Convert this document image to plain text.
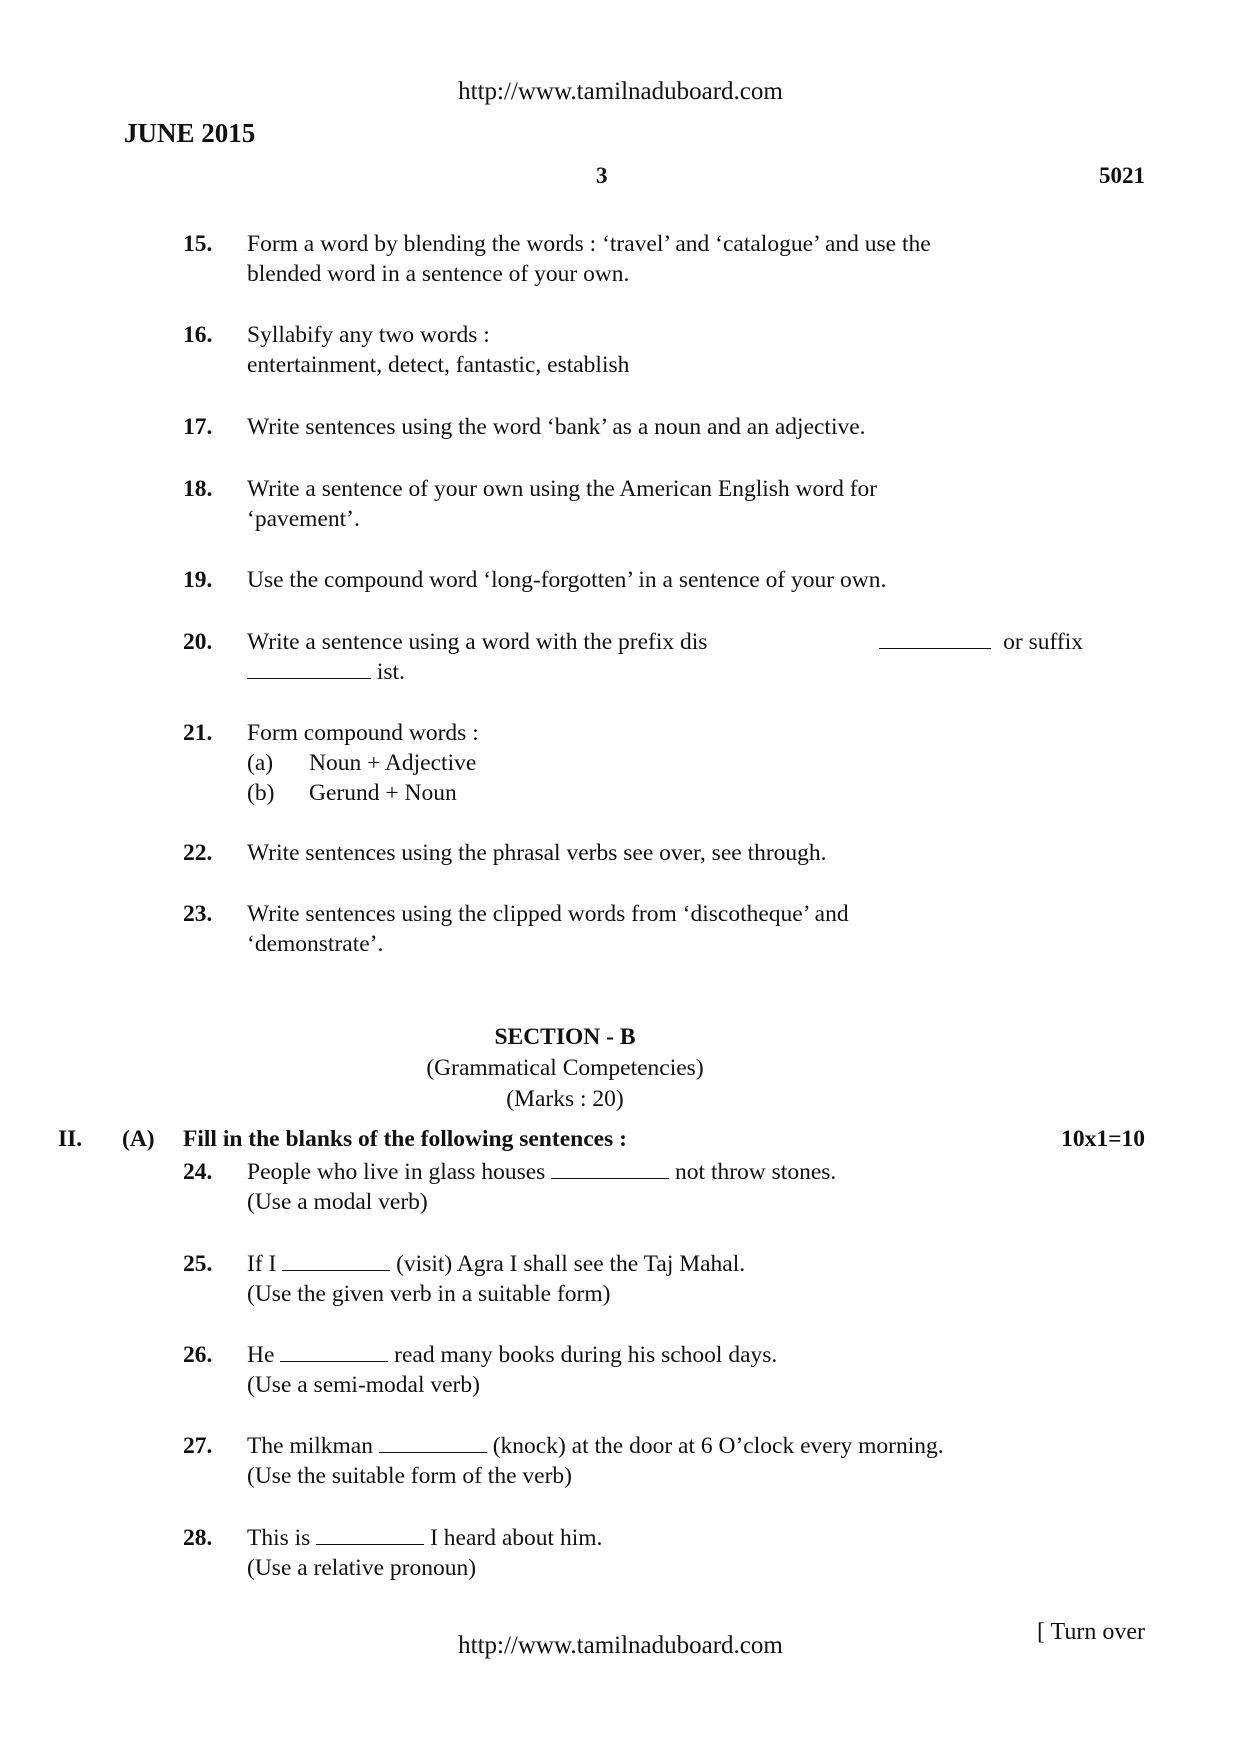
http://www.tamilnaduboard.com
JUNE 2015
3	5021
15.	Form a word by blending the words : ‘travel’ and ‘catalogue’ and use the
blended word in a sentence of your own.
16.	Syllabify any two words :
entertainment, detect, fantastic, establish
17.	Write sentences using the word ‘bank’ as a noun and an adjective.
18.	Write a sentence of your own using the American English word for
‘pavement’.
19.	Use the compound word ‘long-forgotten’ in a sentence of your own.
20.	Write a sentence using a word with the prefix dis	or suffix
ist.
21.	Form compound words :
(a)	Noun + Adjective
(b)	Gerund + Noun
22.	Write sentences using the phrasal verbs see over, see through.
23.	Write sentences using the clipped words from ‘discotheque’ and
‘demonstrate’.
SECTION - B
(Grammatical Competencies)
(Marks : 20)
II. (A) Fill in the blanks of the following sentences :	10x1=10
24.	People who live in glass houses	not throw stones.
(Use a modal verb)
25.	If I	(visit) Agra I shall see the Taj Mahal.
(Use the given verb in a suitable form)
26.	He	read many books during his school days.
(Use a semi-modal verb)
27.	The milkman	(knock) at the door at 6 O’clock every morning.
(Use the suitable form of the verb)
28.	This is	I heard about him.
(Use a relative pronoun)
[ Turn over
http://www.tamilnaduboard.com
